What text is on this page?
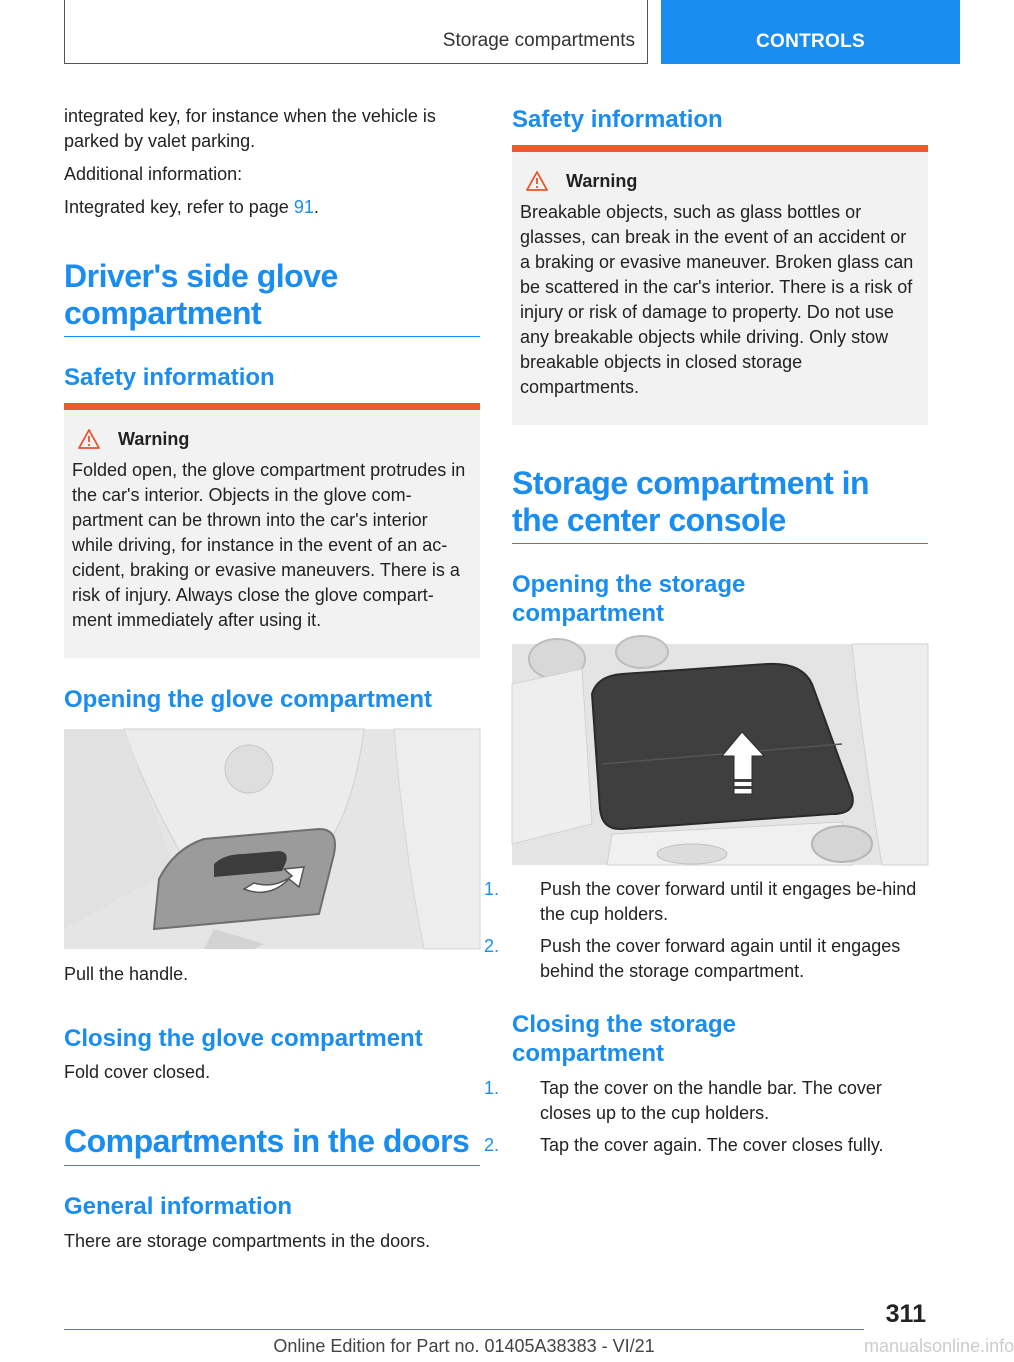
Storage compartments	CONTROLS

integrated key, for instance when the vehicle is parked by valet parking.

Additional information:

Integrated key, refer to page 91.

Driver's side glove compartment
Safety information
Warning

Folded open, the glove compartment protrudes in the car's interior. Objects in the glove com‐partment can be thrown into the car's interior while driving, for instance in the event of an ac‐cident, braking or evasive maneuvers. There is a risk of injury. Always close the glove compart‐ment immediately after using it.

Opening the glove compartment

Pull the handle.

Closing the glove compartment

Fold cover closed.

Compartments in the doors
General information

There are storage compartments in the doors.

Safety information
Warning

Breakable objects, such as glass bottles or glasses, can break in the event of an accident or a braking or evasive maneuver. Broken glass can be scattered in the car's interior. There is a risk of injury or risk of damage to property. Do not use any breakable objects while driving. Only stow breakable objects in closed storage compartments.

Storage compartment in the center console
Opening the storage compartment

1. Push the cover forward until it engages be‐hind the cup holders.

2. Push the cover forward again until it engages behind the storage compartment.

Closing the storage compartment

1. Tap the cover on the handle bar. The cover closes up to the cup holders.

2. Tap the cover again. The cover closes fully.

311
Online Edition for Part no. 01405A38383 - VI/21	manualsonline.info
